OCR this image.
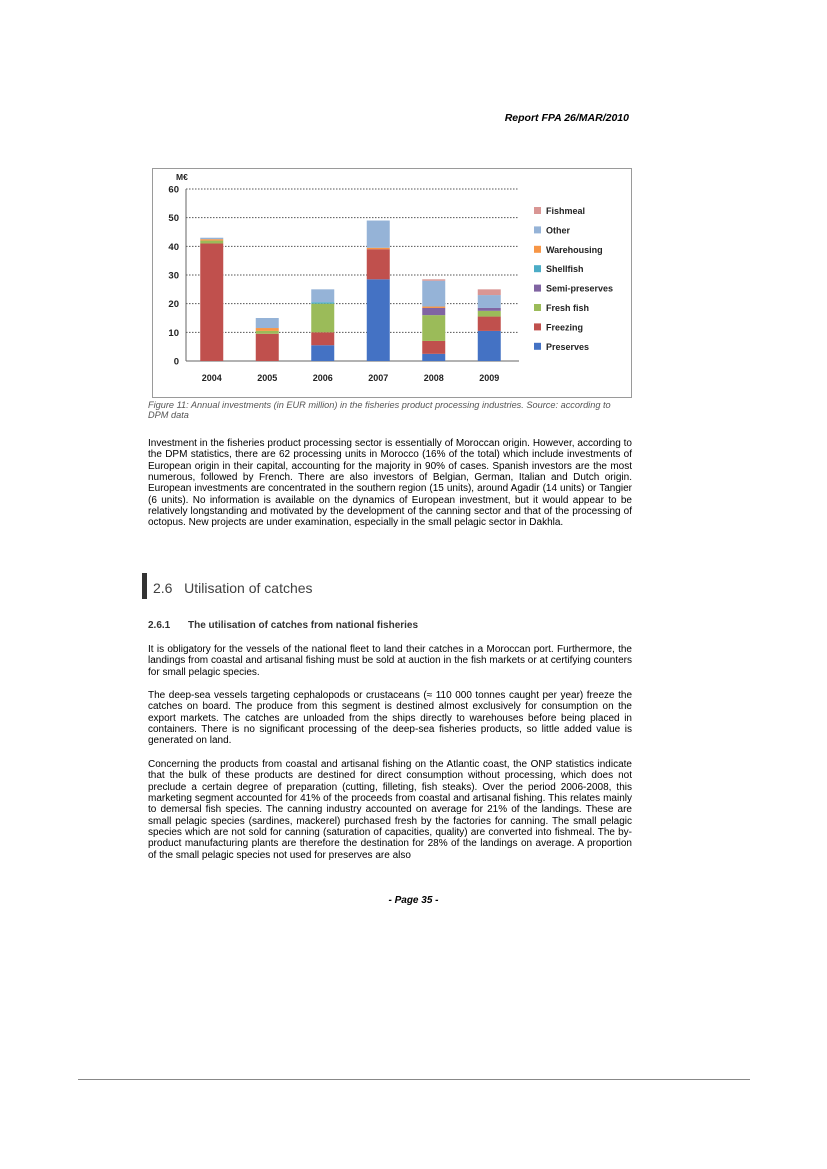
Report FPA 26/MAR/2010
0
10
20
30
40
50
60
M€
2004	2005	2006	2007	2008	2009
Fishmeal
Other
Warehousing
Shellfish
Semi-preserves
Fresh fish
Freezing
Preserves
Figure 11: Annual investments (in EUR million) in the fisheries product processing industries. Source: according to DPM data
Investment in the fisheries product processing sector is essentially of Moroccan origin. However, according to the DPM statistics, there are 62 processing units in Morocco (16% of the total) which include investments of European origin in their capital, accounting for the majority in 90% of cases. Spanish investors are the most numerous, followed by French. There are also investors of Belgian, German, Italian and Dutch origin. European investments are concentrated in the southern region (15 units), around Agadir (14 units) or Tangier (6 units). No information is available on the dynamics of European investment, but it would appear to be relatively longstanding and motivated by the development of the canning sector and that of the processing of octopus. New projects are under examination, especially in the small pelagic sector in Dakhla.
2.6 Utilisation of catches
2.6.1 The utilisation of catches from national fisheries
It is obligatory for the vessels of the national fleet to land their catches in a Moroccan port. Furthermore, the landings from coastal and artisanal fishing must be sold at auction in the fish markets or at certifying counters for small pelagic species.
The deep-sea vessels targeting cephalopods or crustaceans (≈ 110 000 tonnes caught per year) freeze the catches on board. The produce from this segment is destined almost exclusively for consumption on the export markets. The catches are unloaded from the ships directly to warehouses before being placed in containers. There is no significant processing of the deep-sea fisheries products, so little added value is generated on land.
Concerning the products from coastal and artisanal fishing on the Atlantic coast, the ONP statistics indicate that the bulk of these products are destined for direct consumption without processing, which does not preclude a certain degree of preparation (cutting, filleting, fish steaks). Over the period 2006-2008, this marketing segment accounted for 41% of the proceeds from coastal and artisanal fishing. This relates mainly to demersal fish species. The canning industry accounted on average for 21% of the landings. These are small pelagic species (sardines, mackerel) purchased fresh by the factories for canning. The small pelagic species which are not sold for canning (saturation of capacities, quality) are converted into fishmeal. The by-product manufacturing plants are therefore the destination for 28% of the landings on average. A proportion of the small pelagic species not used for preserves are also
- Page 35 -
